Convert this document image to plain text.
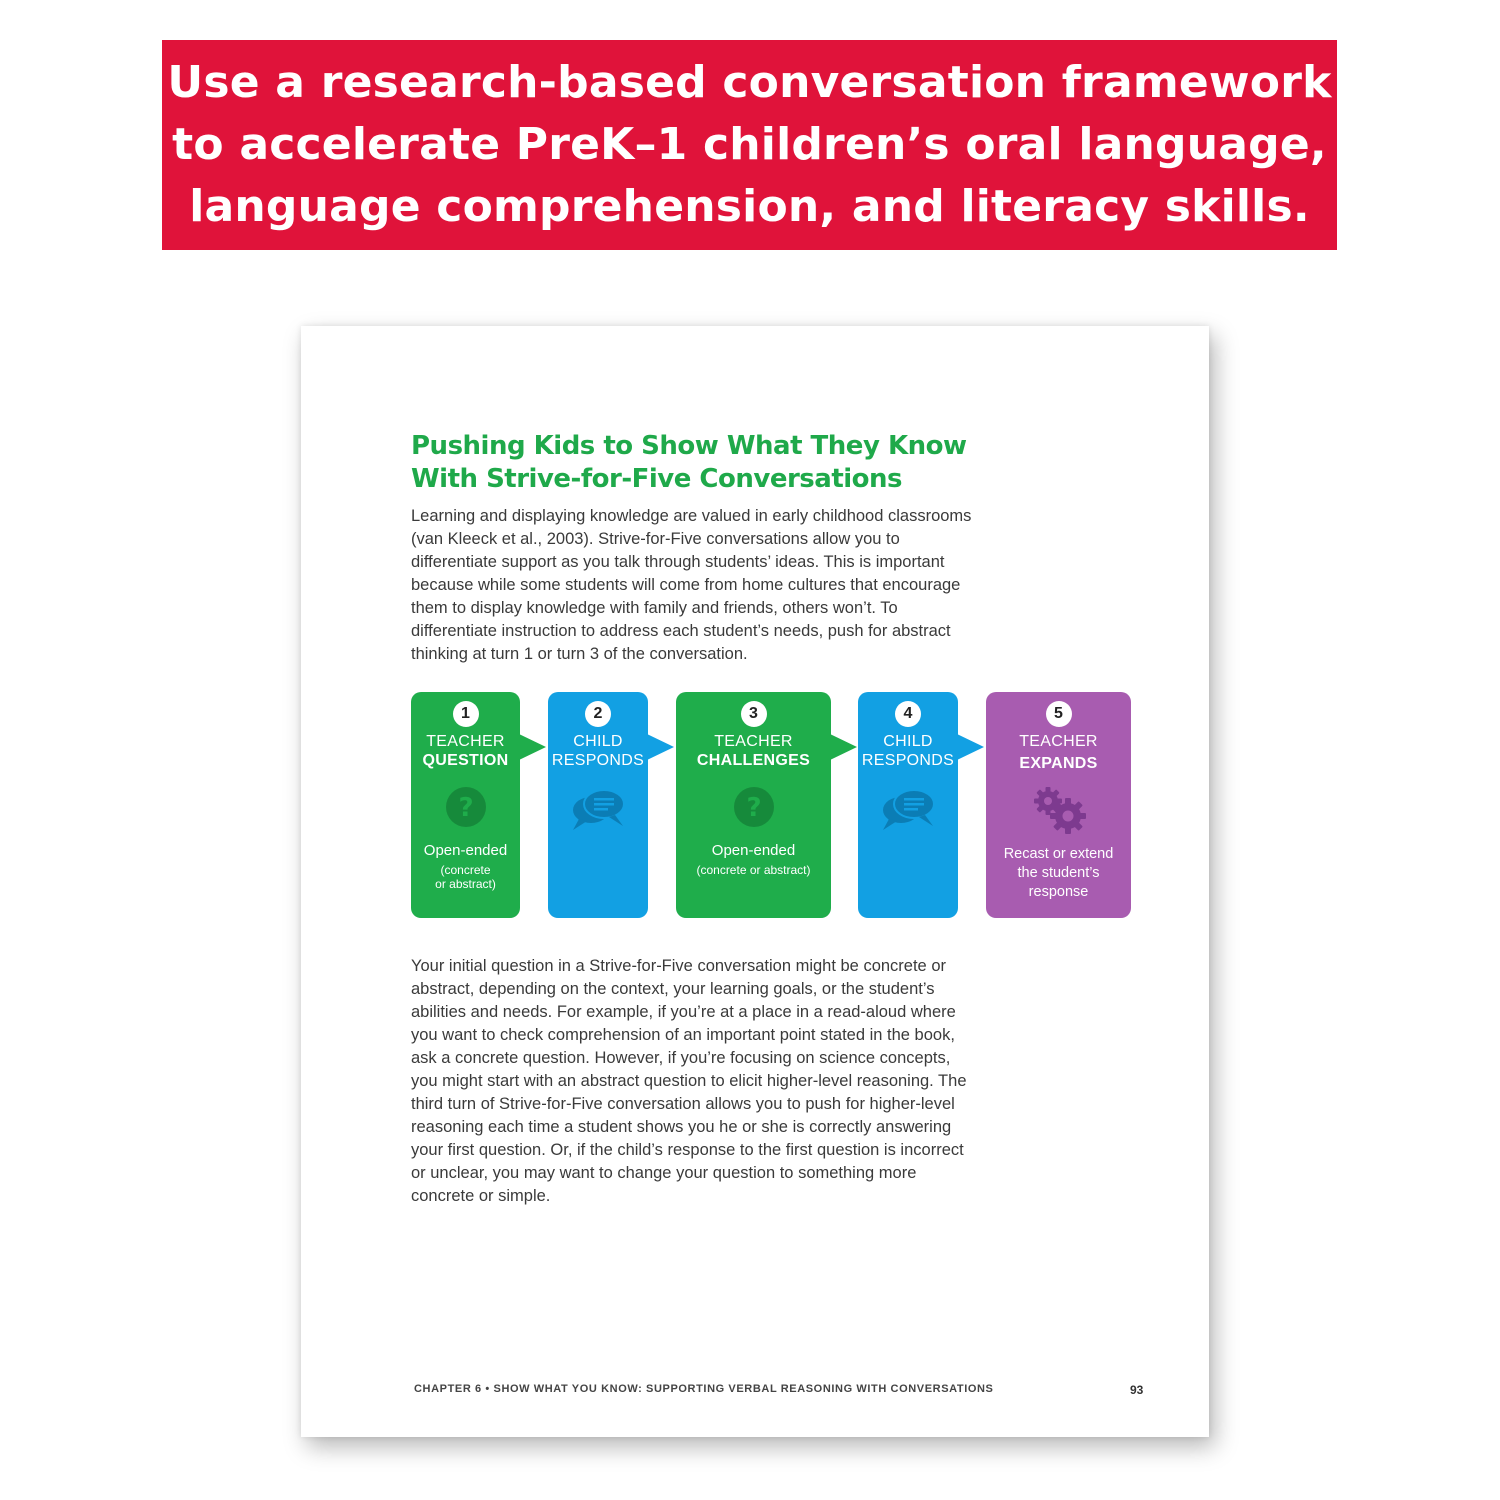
Use a research-based conversation framework
to accelerate PreK–1 children’s oral language,
language comprehension, and literacy skills.
Pushing Kids to Show What They Know
With Strive-for-Five Conversations
Learning and displaying knowledge are valued in early childhood classrooms
(van Kleeck et al., 2003). Strive-for-Five conversations allow you to
differentiate support as you talk through students’ ideas. This is important
because while some students will come from home cultures that encourage
them to display knowledge with family and friends, others won’t. To
differentiate instruction to address each student’s needs, push for abstract
thinking at turn 1 or turn 3 of the conversation.
1
TEACHER
QUESTION
?
Open-ended
(concrete
or abstract)
2
CHILD
RESPONDS
3
TEACHER
CHALLENGES
?
Open-ended
(concrete or abstract)
4
CHILD
RESPONDS
5
TEACHER
EXPANDS
Recast or extend
the student’s
response
Your initial question in a Strive-for-Five conversation might be concrete or
abstract, depending on the context, your learning goals, or the student’s
abilities and needs. For example, if you’re at a place in a read-aloud where
you want to check comprehension of an important point stated in the book,
ask a concrete question. However, if you’re focusing on science concepts,
you might start with an abstract question to elicit higher-level reasoning. The
third turn of Strive-for-Five conversation allows you to push for higher-level
reasoning each time a student shows you he or she is correctly answering
your first question. Or, if the child’s response to the first question is incorrect
or unclear, you may want to change your question to something more
concrete or simple.
CHAPTER 6 • SHOW WHAT YOU KNOW: SUPPORTING VERBAL REASONING WITH CONVERSATIONS	93
